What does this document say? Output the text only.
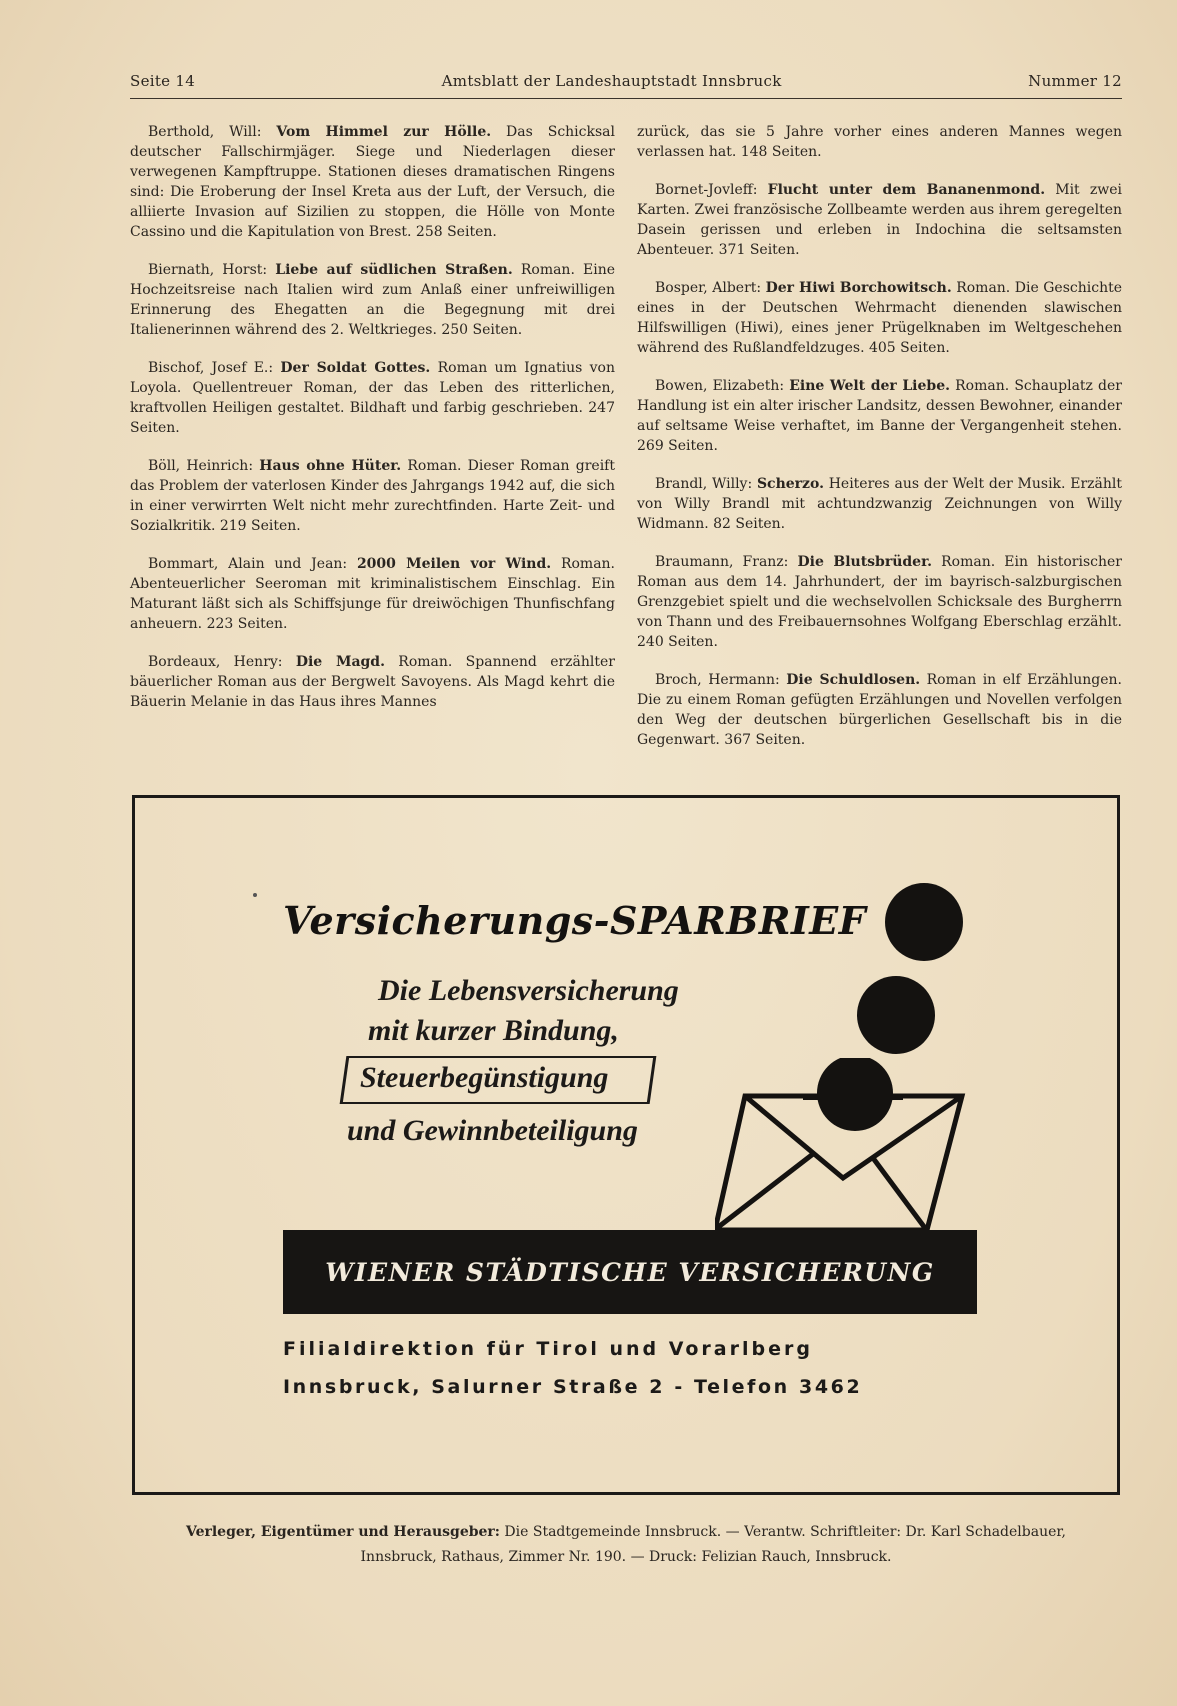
Seite 14	Amtsblatt der Landeshauptstadt Innsbruck	Nummer 12

Berthold, Will: Vom Himmel zur Hölle. Das Schicksal deutscher Fallschirmjäger. Siege und Niederlagen dieser verwegenen Kampftruppe. Stationen dieses dramatischen Ringens sind: Die Eroberung der Insel Kreta aus der Luft, der Versuch, die alliierte Invasion auf Sizilien zu stoppen, die Hölle von Monte Cassino und die Kapitulation von Brest. 258 Seiten.

Biernath, Horst: Liebe auf südlichen Straßen. Roman. Eine Hochzeitsreise nach Italien wird zum Anlaß einer unfreiwilligen Erinnerung des Ehegatten an die Begegnung mit drei Italienerinnen während des 2. Weltkrieges. 250 Seiten.

Bischof, Josef E.: Der Soldat Gottes. Roman um Ignatius von Loyola. Quellentreuer Roman, der das Leben des ritterlichen, kraftvollen Heiligen gestaltet. Bildhaft und farbig geschrieben. 247 Seiten.

Böll, Heinrich: Haus ohne Hüter. Roman. Dieser Roman greift das Problem der vaterlosen Kinder des Jahrgangs 1942 auf, die sich in einer verwirrten Welt nicht mehr zurechtfinden. Harte Zeit- und Sozialkritik. 219 Seiten.

Bommart, Alain und Jean: 2000 Meilen vor Wind. Roman. Abenteuerlicher Seeroman mit kriminalistischem Einschlag. Ein Maturant läßt sich als Schiffsjunge für dreiwöchigen Thunfischfang anheuern. 223 Seiten.

Bordeaux, Henry: Die Magd. Roman. Spannend erzählter bäuerlicher Roman aus der Bergwelt Savoyens. Als Magd kehrt die Bäuerin Melanie in das Haus ihres Mannes

zurück, das sie 5 Jahre vorher eines anderen Mannes wegen verlassen hat. 148 Seiten.

Bornet-Jovleff: Flucht unter dem Bananenmond. Mit zwei Karten. Zwei französische Zollbeamte werden aus ihrem geregelten Dasein gerissen und erleben in Indochina die seltsamsten Abenteuer. 371 Seiten.

Bosper, Albert: Der Hiwi Borchowitsch. Roman. Die Geschichte eines in der Deutschen Wehrmacht dienenden slawischen Hilfswilligen (Hiwi), eines jener Prügelknaben im Weltgeschehen während des Rußlandfeldzuges. 405 Seiten.

Bowen, Elizabeth: Eine Welt der Liebe. Roman. Schauplatz der Handlung ist ein alter irischer Landsitz, dessen Bewohner, einander auf seltsame Weise verhaftet, im Banne der Vergangenheit stehen. 269 Seiten.

Brandl, Willy: Scherzo. Heiteres aus der Welt der Musik. Erzählt von Willy Brandl mit achtundzwanzig Zeichnungen von Willy Widmann. 82 Seiten.

Braumann, Franz: Die Blutsbrüder. Roman. Ein historischer Roman aus dem 14. Jahrhundert, der im bayrisch-salzburgischen Grenzgebiet spielt und die wechselvollen Schicksale des Burgherrn von Thann und des Freibauernsohnes Wolfgang Eberschlag erzählt. 240 Seiten.

Broch, Hermann: Die Schuldlosen. Roman in elf Erzählungen. Die zu einem Roman gefügten Erzählungen und Novellen verfolgen den Weg der deutschen bürgerlichen Gesellschaft bis in die Gegenwart. 367 Seiten.

Versicherungs-SPARBRIEF
Die Lebensversicherung
mit kurzer Bindung,
Steuerbegünstigung
und Gewinnbeteiligung
WIENER STÄDTISCHE VERSICHERUNG
Filialdirektion für Tirol und Vorarlberg
Innsbruck, Salurner Straße 2 - Telefon 3462
Verleger, Eigentümer und Herausgeber: Die Stadtgemeinde Innsbruck. — Verantw. Schriftleiter: Dr. Karl Schadelbauer,
Innsbruck, Rathaus, Zimmer Nr. 190. — Druck: Felizian Rauch, Innsbruck.
